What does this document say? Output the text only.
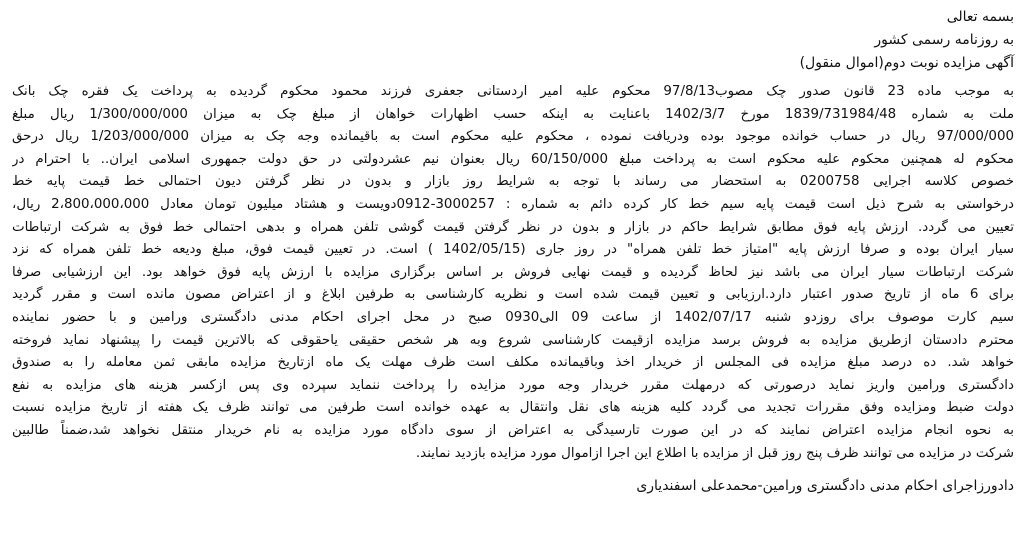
بسمه تعالی
به روزنامه رسمی کشور
آگهی مزایده نوبت دوم(اموال منقول)
به موجب ماده 23 قانون صدور چک مصوب97/8/13 محکوم علیه امیر اردستانی جعفری فرزند محمود محکوم گردیده به پرداخت یک فقره چک بانک
ملت به شماره 1839/731984/48 مورخ 1402/3/7 باعنایت به اینکه حسب اظهارات خواهان از مبلغ چک به میزان 1/300/000/000 ریال مبلغ
97/000/000 ریال در حساب خوانده موجود بوده ودریافت نموده ، محکوم علیه محکوم است به باقیمانده وجه چک به میزان 1/203/000/000 ریال درحق
محکوم له همچنین محکوم علیه محکوم است به پرداخت مبلغ 60/150/000 ریال بعنوان نیم عشردولتی در حق دولت جمهوری اسلامی ایران.. با احترام در
خصوص کلاسه اجرایی 0200758 به استحضار می رساند با توجه به شرایط روز بازار و بدون در نظر گرفتن دیون احتمالی خط قیمت پایه خط
درخواستی به شرح ذیل است قیمت پایه سیم خط کار کرده دائم به شماره : 3000257-0912دویست و هشتاد میلیون تومان معادل 2،800،000،000 ریال،
تعیین می گردد. ارزش پایه فوق مطابق شرایط حاکم در بازار و بدون در نظر گرفتن قیمت گوشی تلفن همراه و بدهی احتمالی خط فوق به شرکت ارتباطات
سیار ایران بوده و صرفا ارزش پایه "امتیاز خط تلفن همراه" در روز جاری (1402/05/15 ) است. در تعیین قیمت فوق، مبلغ ودیعه خط تلفن همراه که نزد
شرکت ارتباطات سیار ایران می باشد نیز لحاظ گردیده و قیمت نهایی فروش بر اساس برگزاری مزایده با ارزش پایه فوق خواهد بود. این ارزشیابی صرفا
برای 6 ماه از تاریخ صدور اعتبار دارد.ارزیابی و تعیین قیمت شده است و نظریه کارشناسی به طرفین ابلاغ و از اعتراض مصون مانده است و مقرر گردید
سیم کارت موصوف برای روزدو شنبه 1402/07/17 از ساعت 09 الی0930 صبح در محل اجرای احکام مدنی دادگستری ورامین و با حضور نماینده
محترم دادستان ازطریق مزایده به فروش برسد مزایده ازقیمت کارشناسی شروع وبه هر شخص حقیقی یاحقوقی که بالاترین قیمت را پیشنهاد نماید فروخته
خواهد شد. ده درصد مبلغ مزایده فی المجلس از خریدار اخذ وباقیمانده مکلف است ظرف مهلت یک ماه ازتاریخ مزایده مابقی ثمن معامله را به صندوق
دادگستری ورامین واریز نماید درصورتی که درمهلت مقرر خریدار وجه مورد مزایده را پرداخت ننماید سپرده وی پس ازکسر هزینه های مزایده به نفع
دولت ضبط ومزایده وفق مقررات تجدید می گردد کلیه هزینه های نقل وانتقال به عهده خوانده است طرفین می توانند ظرف یک هفته از تاریخ مزایده نسبت
به نحوه انجام مزایده اعتراض نمایند که در این صورت تارسیدگی به اعتراض از سوی دادگاه مورد مزایده به نام خریدار منتقل نخواهد شد،ضمناً طالبین
شرکت در مزایده می توانند ظرف پنج روز قبل از مزایده با اطلاع این اجرا ازاموال مورد مزایده بازدید نمایند.
دادورزاجرای احکام مدنی دادگستری ورامین-محمدعلی اسفندیاری
